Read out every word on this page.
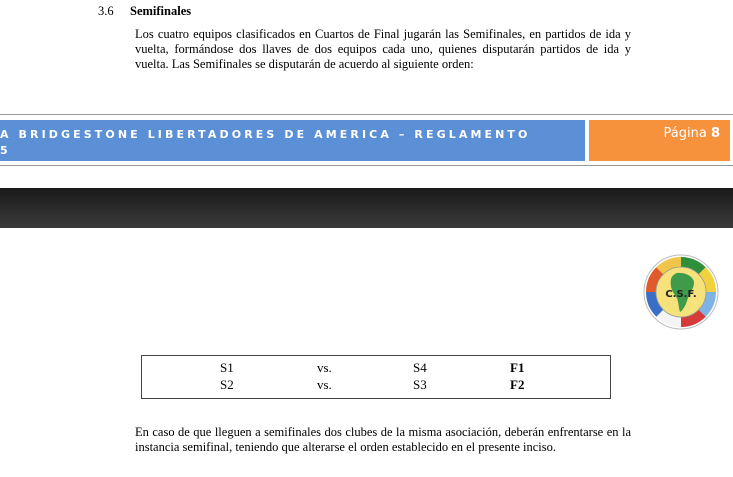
3.6 Semifinales

Los cuatro equipos clasificados en Cuartos de Final jugarán las Semifinales, en partidos de ida y vuelta, formándose dos llaves de dos equipos cada uno, quienes disputarán partidos de ida y vuelta. Las Semifinales se disputarán de acuerdo al siguiente orden:

A BRIDGESTONE LIBERTADORES DE AMERICA – REGLAMENTO
5
Página 8
C.S.F.
S1	vs.	S4	F1
S2	vs.	S3	F2

En caso de que lleguen a semifinales dos clubes de la misma asociación, deberán enfrentarse en la instancia semifinal, teniendo que alterarse el orden establecido en el presente inciso.
